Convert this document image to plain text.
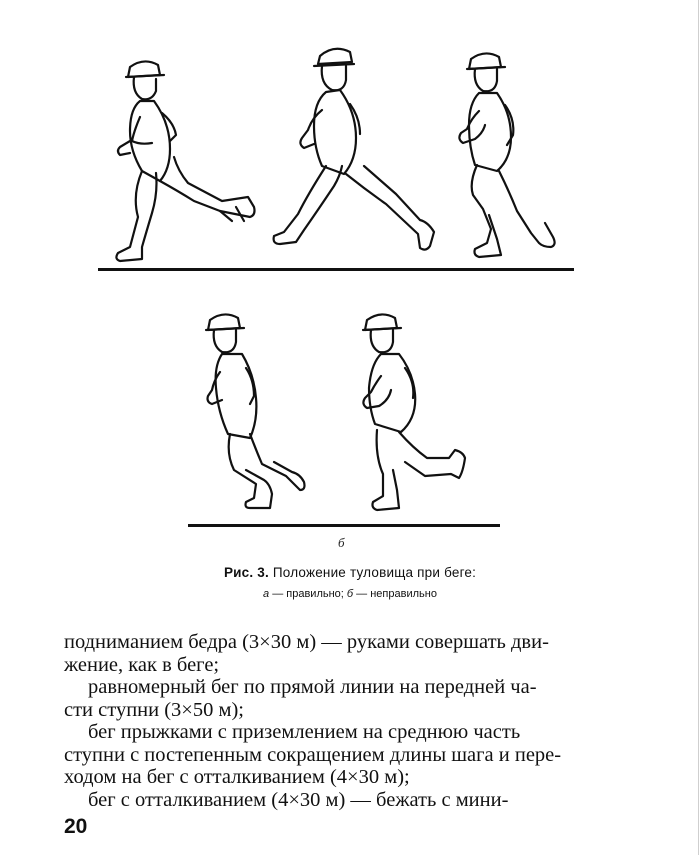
б
Рис. 3. Положение туловища при беге:
а — правильно; б — неправильно
поднимaнием бедра (3×30 м) — руками совершать дви-
жение, как в беге;
равномерный бег по прямой линии на передней ча-
сти ступни (3×50 м);
бег прыжками с приземлением на среднюю часть
ступни с постепенным сокращением длины шага и пере-
ходом на бег с отталкиванием (4×30 м);
бег с отталкиванием (4×30 м) — бежать с мини-
20
